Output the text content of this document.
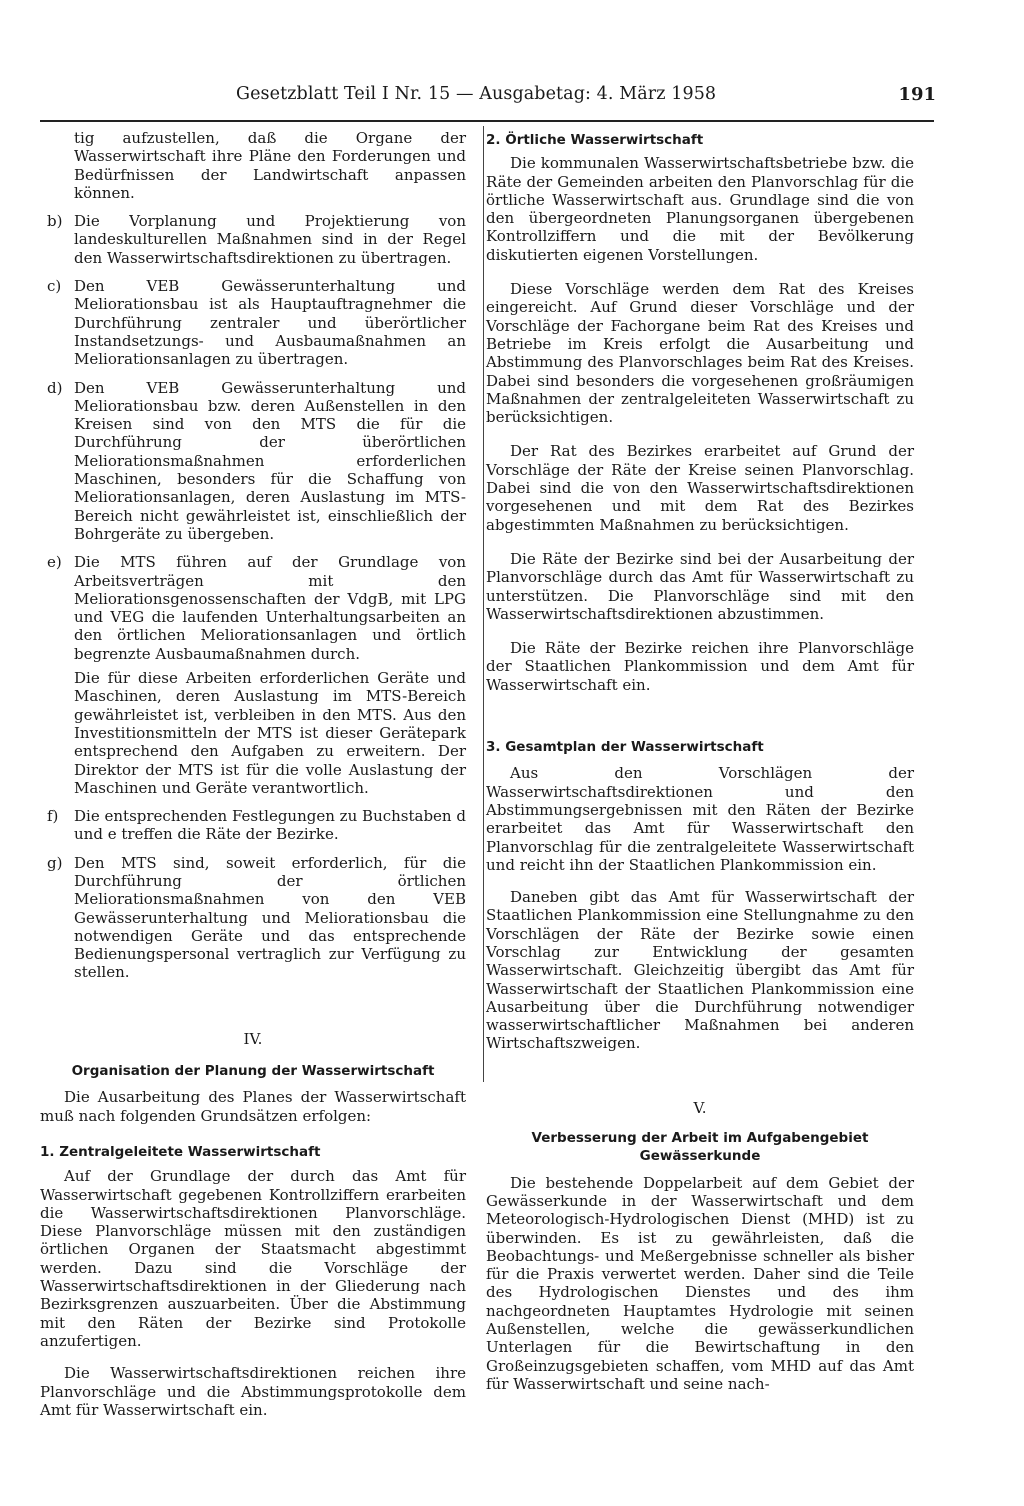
Gesetzblatt Teil I Nr. 15 — Ausgabetag: 4. März 1958	191

tig aufzustellen, daß die Organe der Wasserwirtschaft ihre Pläne den Forderungen und Bedürfnissen der Landwirtschaft anpassen können.

b) Die Vorplanung und Projektierung von landeskulturellen Maßnahmen sind in der Regel den Wasserwirtschaftsdirektionen zu übertragen.

c) Den VEB Gewässerunterhaltung und Meliorationsbau ist als Hauptauftragnehmer die Durchführung zentraler und überörtlicher Instandsetzungs- und Ausbaumaßnahmen an Meliorationsanlagen zu übertragen.

d) Den VEB Gewässerunterhaltung und Meliorationsbau bzw. deren Außenstellen in den Kreisen sind von den MTS die für die Durchführung der überörtlichen Meliorationsmaßnahmen erforderlichen Maschinen, besonders für die Schaffung von Meliorationsanlagen, deren Auslastung im MTS-Bereich nicht gewährleistet ist, einschließlich der Bohrgeräte zu übergeben.

e) Die MTS führen auf der Grundlage von Arbeitsverträgen mit den Meliorationsgenossenschaften der VdgB, mit LPG und VEG die laufenden Unterhaltungsarbeiten an den örtlichen Meliorationsanlagen und örtlich begrenzte Ausbaumaßnahmen durch.

Die für diese Arbeiten erforderlichen Geräte und Maschinen, deren Auslastung im MTS-Bereich gewährleistet ist, verbleiben in den MTS. Aus den Investitionsmitteln der MTS ist dieser Gerätepark entsprechend den Aufgaben zu erweitern. Der Direktor der MTS ist für die volle Auslastung der Maschinen und Geräte verantwortlich.

f) Die entsprechenden Festlegungen zu Buchstaben d und e treffen die Räte der Bezirke.

g) Den MTS sind, soweit erforderlich, für die Durchführung der örtlichen Meliorationsmaßnahmen von den VEB Gewässerunterhaltung und Meliorationsbau die notwendigen Geräte und das entsprechende Bedienungspersonal vertraglich zur Verfügung zu stellen.

IV.
Organisation der Planung der Wasserwirtschaft

Die Ausarbeitung des Planes der Wasserwirtschaft muß nach folgenden Grundsätzen erfolgen:

1. Zentralgeleitete Wasserwirtschaft

Auf der Grundlage der durch das Amt für Wasserwirtschaft gegebenen Kontrollziffern erarbeiten die Wasserwirtschaftsdirektionen Planvorschläge. Diese Planvorschläge müssen mit den zuständigen örtlichen Organen der Staatsmacht abgestimmt werden. Dazu sind die Vorschläge der Wasserwirtschaftsdirektionen in der Gliederung nach Bezirksgrenzen auszuarbeiten. Über die Abstimmung mit den Räten der Bezirke sind Protokolle anzufertigen.

Die Wasserwirtschaftsdirektionen reichen ihre Planvorschläge und die Abstimmungsprotokolle dem Amt für Wasserwirtschaft ein.

2. Örtliche Wasserwirtschaft

Die kommunalen Wasserwirtschaftsbetriebe bzw. die Räte der Gemeinden arbeiten den Planvorschlag für die örtliche Wasserwirtschaft aus. Grundlage sind die von den übergeordneten Planungsorganen übergebenen Kontrollziffern und die mit der Bevölkerung diskutierten eigenen Vorstellungen.

Diese Vorschläge werden dem Rat des Kreises eingereicht. Auf Grund dieser Vorschläge und der Vorschläge der Fachorgane beim Rat des Kreises und Betriebe im Kreis erfolgt die Ausarbeitung und Abstimmung des Planvorschlages beim Rat des Kreises. Dabei sind besonders die vorgesehenen großräumigen Maßnahmen der zentralgeleiteten Wasserwirtschaft zu berücksichtigen.

Der Rat des Bezirkes erarbeitet auf Grund der Vorschläge der Räte der Kreise seinen Planvorschlag. Dabei sind die von den Wasserwirtschaftsdirektionen vorgesehenen und mit dem Rat des Bezirkes abgestimmten Maßnahmen zu berücksichtigen.

Die Räte der Bezirke sind bei der Ausarbeitung der Planvorschläge durch das Amt für Wasserwirtschaft zu unterstützen. Die Planvorschläge sind mit den Wasserwirtschaftsdirektionen abzustimmen.

Die Räte der Bezirke reichen ihre Planvorschläge der Staatlichen Plankommission und dem Amt für Wasserwirtschaft ein.

3. Gesamtplan der Wasserwirtschaft

Aus den Vorschlägen der Wasserwirtschaftsdirektionen und den Abstimmungsergebnissen mit den Räten der Bezirke erarbeitet das Amt für Wasserwirtschaft den Planvorschlag für die zentralgeleitete Wasserwirtschaft und reicht ihn der Staatlichen Plankommission ein.

Daneben gibt das Amt für Wasserwirtschaft der Staatlichen Plankommission eine Stellungnahme zu den Vorschlägen der Räte der Bezirke sowie einen Vorschlag zur Entwicklung der gesamten Wasserwirtschaft. Gleichzeitig übergibt das Amt für Wasserwirtschaft der Staatlichen Plankommission eine Ausarbeitung über die Durchführung notwendiger wasserwirtschaftlicher Maßnahmen bei anderen Wirtschaftszweigen.

V.
Verbesserung der Arbeit im Aufgabengebiet
Gewässerkunde

Die bestehende Doppelarbeit auf dem Gebiet der Gewässerkunde in der Wasserwirtschaft und dem Meteorologisch-Hydrologischen Dienst (MHD) ist zu überwinden. Es ist zu gewährleisten, daß die Beobachtungs- und Meßergebnisse schneller als bisher für die Praxis verwertet werden. Daher sind die Teile des Hydrologischen Dienstes und des ihm nachgeordneten Hauptamtes Hydrologie mit seinen Außenstellen, welche die gewässerkundlichen Unterlagen für die Bewirtschaftung in den Großeinzugsgebieten schaffen, vom MHD auf das Amt für Wasserwirtschaft und seine nach-
